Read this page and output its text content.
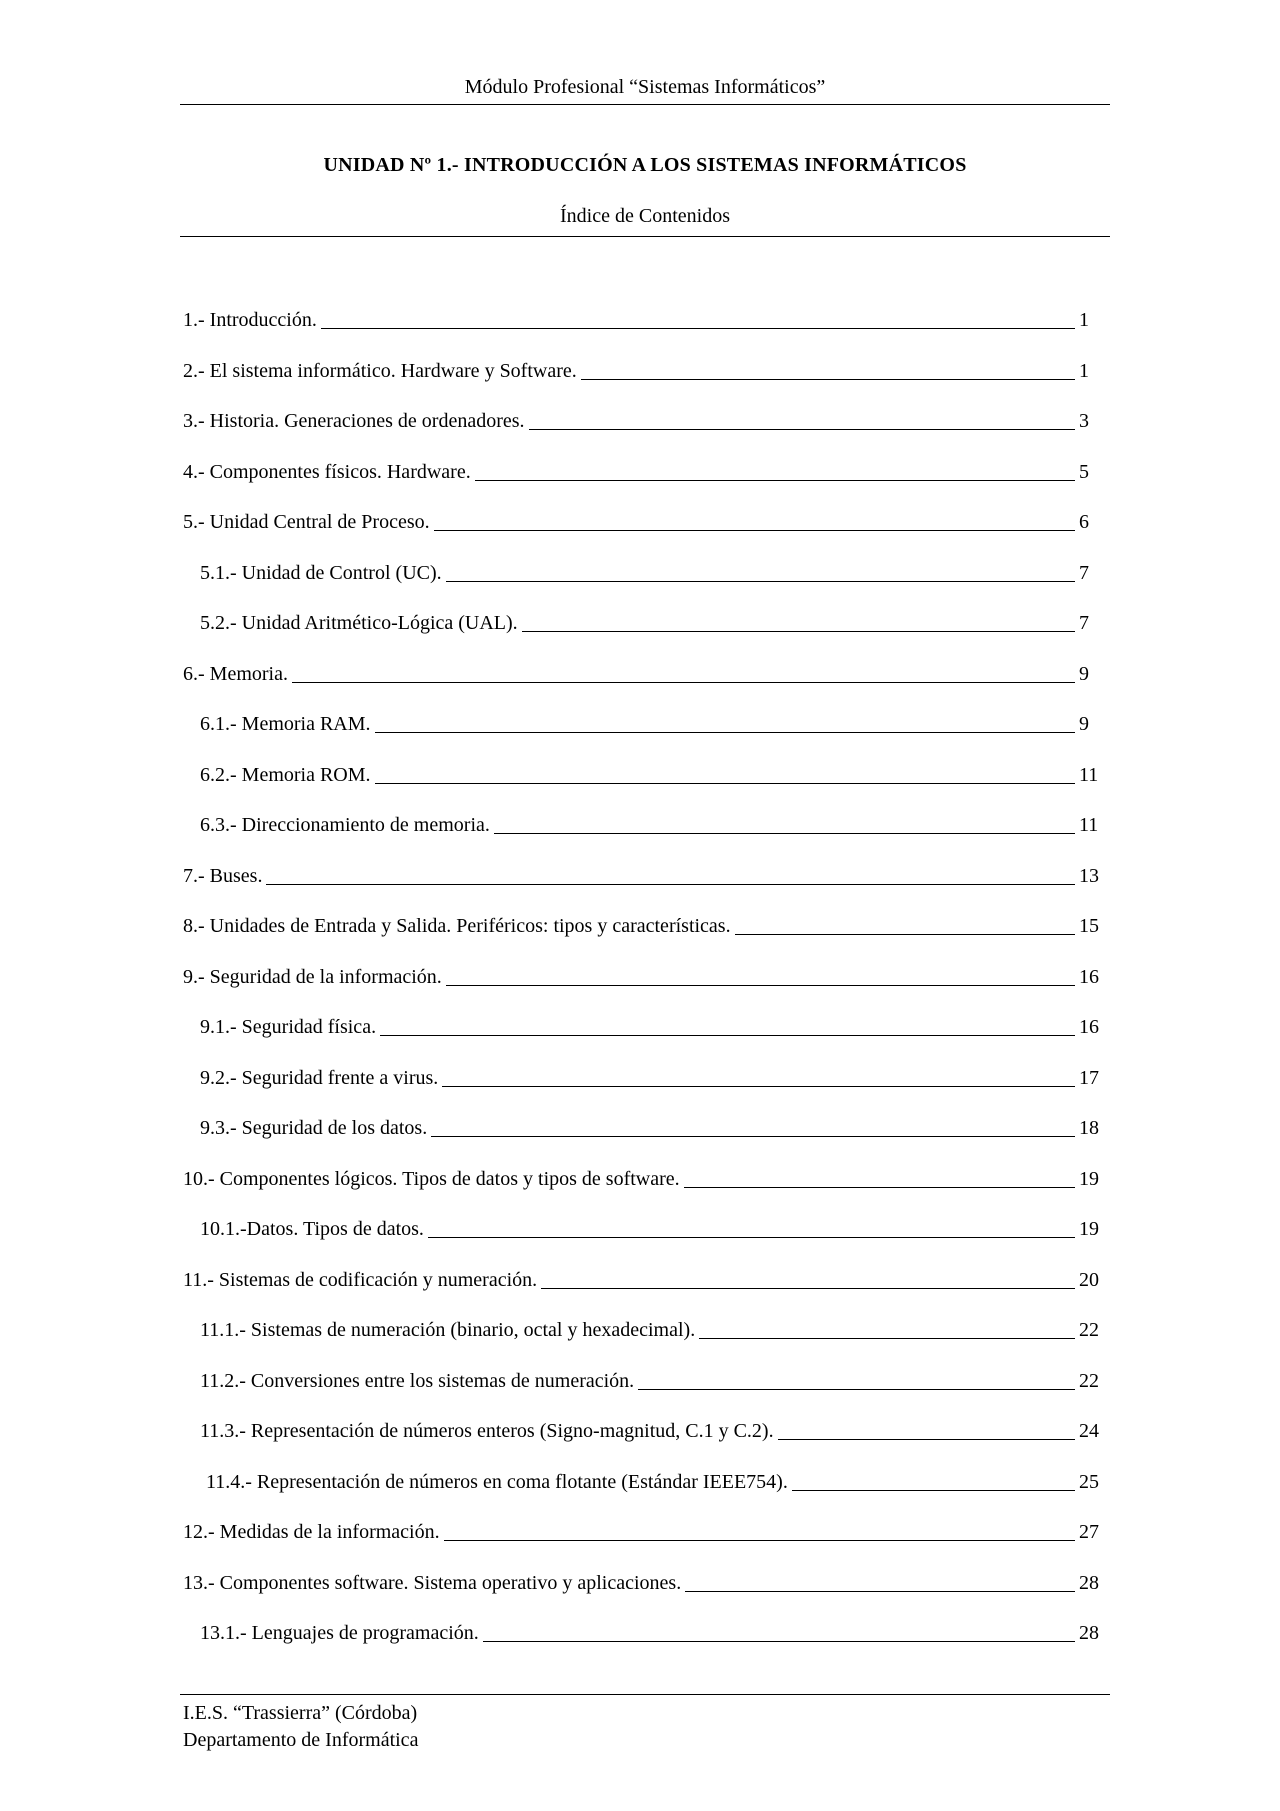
Módulo Profesional “Sistemas Informáticos”
UNIDAD Nº 1.- INTRODUCCIÓN A LOS SISTEMAS INFORMÁTICOS
Índice de Contenidos
1.- Introducción.	1
2.- El sistema informático. Hardware y Software.	1
3.- Historia. Generaciones de ordenadores.	3
4.- Componentes físicos. Hardware.	5
5.- Unidad Central de Proceso.	6
5.1.- Unidad de Control (UC).	7
5.2.- Unidad Aritmético-Lógica (UAL).	7
6.- Memoria.	9
6.1.- Memoria RAM.	9
6.2.- Memoria ROM.	11
6.3.- Direccionamiento de memoria.	11
7.- Buses.	13
8.- Unidades de Entrada y Salida. Periféricos: tipos y características.	15
9.- Seguridad de la información.	16
9.1.- Seguridad física.	16
9.2.- Seguridad frente a virus.	17
9.3.- Seguridad de los datos.	18
10.- Componentes lógicos. Tipos de datos y tipos de software.	19
10.1.-Datos. Tipos de datos.	19
11.- Sistemas de codificación y numeración.	20
11.1.- Sistemas de numeración (binario, octal y hexadecimal).	22
11.2.- Conversiones entre los sistemas de numeración.	22
11.3.- Representación de números enteros (Signo-magnitud, C.1 y C.2).	24
11.4.- Representación de números en coma flotante (Estándar IEEE754).	25
12.- Medidas de la información.	27
13.- Componentes software. Sistema operativo y aplicaciones.	28
13.1.- Lenguajes de programación.	28
I.E.S. “Trassierra” (Córdoba)
Departamento de Informática
